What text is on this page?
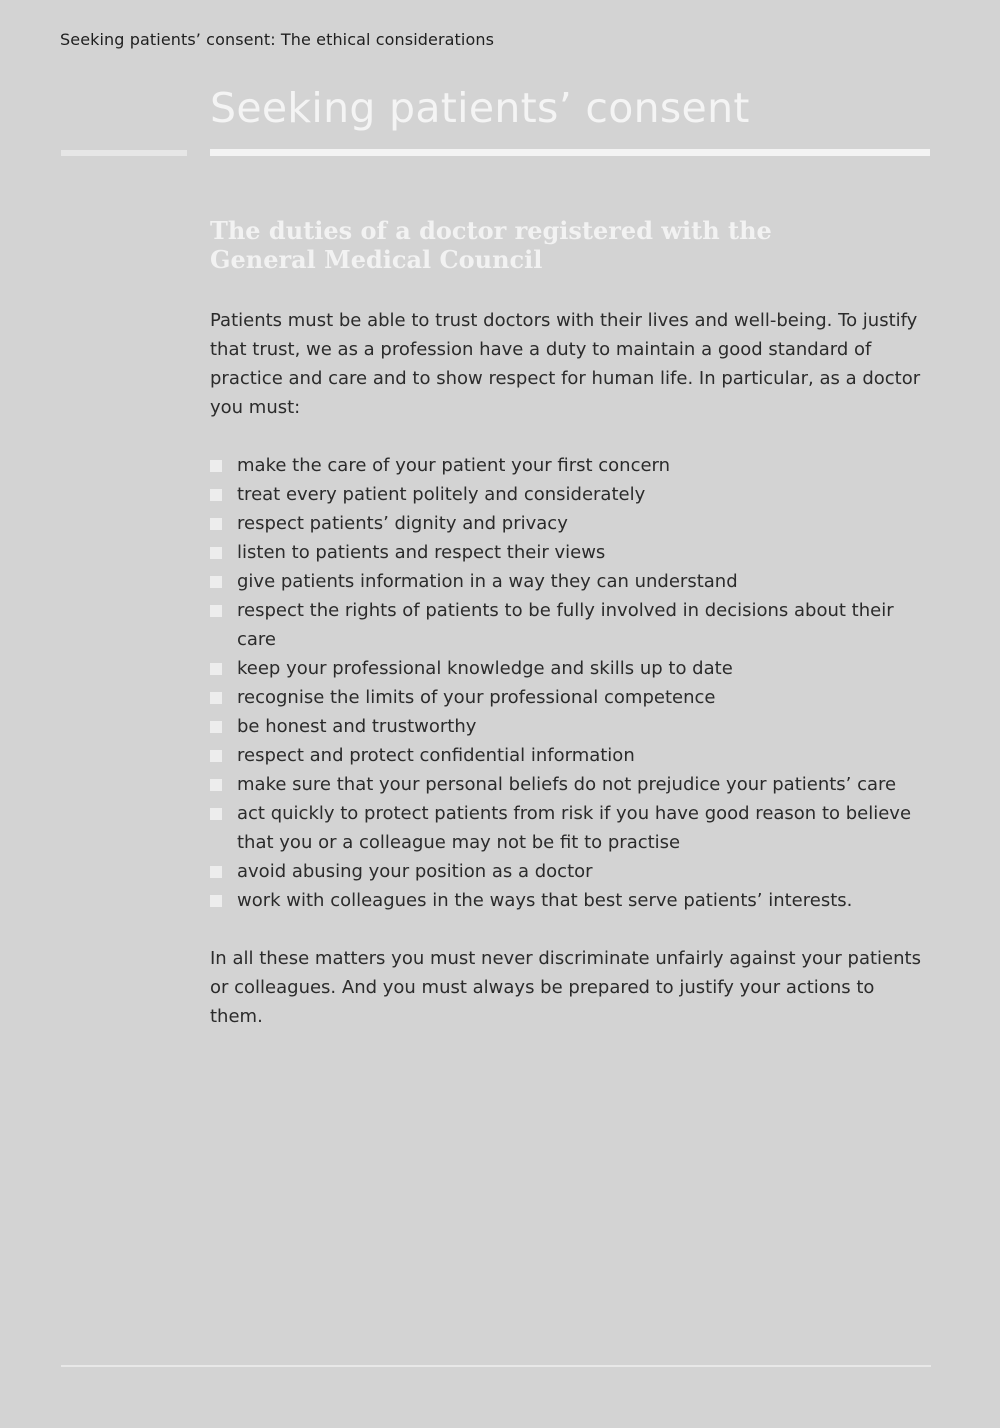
Seeking patients’ consent: The ethical considerations
Seeking patients’ consent
The duties of a doctor registered with the General Medical Council

Patients must be able to trust doctors with their lives and well-being. To justify that trust, we as a profession have a duty to maintain a good standard of practice and care and to show respect for human life. In particular, as a doctor you must:

make the care of your patient your first concern
treat every patient politely and considerately
respect patients’ dignity and privacy
listen to patients and respect their views
give patients information in a way they can understand
respect the rights of patients to be fully involved in decisions about their care
keep your professional knowledge and skills up to date
recognise the limits of your professional competence
be honest and trustworthy
respect and protect confidential information
make sure that your personal beliefs do not prejudice your patients’ care
act quickly to protect patients from risk if you have good reason to believe that you or a colleague may not be fit to practise
avoid abusing your position as a doctor
work with colleagues in the ways that best serve patients’ interests.

In all these matters you must never discriminate unfairly against your patients or colleagues. And you must always be prepared to justify your actions to them.
